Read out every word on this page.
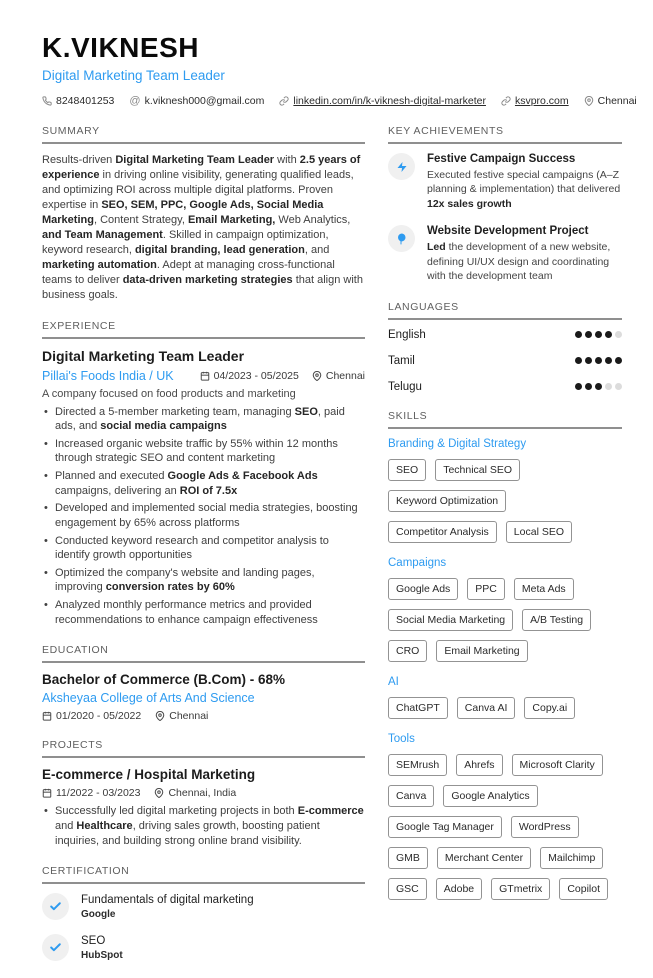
K.VIKNESH
Digital Marketing Team Leader
8248401253 @ k.viknesh000@gmail.com	linkedin.com/in/k-viknesh-digital-marketer	ksvpro.com	Chennai
SUMMARY

Results-driven Digital Marketing Team Leader with 2.5 years of experience in driving online visibility, generating qualified leads, and optimizing ROI across multiple digital platforms. Proven expertise in SEO, SEM, PPC, Google Ads, Social Media Marketing, Content Strategy, Email Marketing, Web Analytics, and Team Management. Skilled in campaign optimization, keyword research, digital branding, lead generation, and marketing automation. Adept at managing cross-functional teams to deliver data-driven marketing strategies that align with business goals.

EXPERIENCE
Digital Marketing Team Leader
Pillai's Foods India / UK	04/2023 - 05/2025	Chennai
A company focused on food products and marketing
• Directed a 5-member marketing team, managing SEO, paid ads, and social media campaigns
• Increased organic website traffic by 55% within 12 months through strategic SEO and content marketing
• Planned and executed Google Ads & Facebook Ads campaigns, delivering an ROI of 7.5x
• Developed and implemented social media strategies, boosting engagement by 65% across platforms
• Conducted keyword research and competitor analysis to identify growth opportunities
• Optimized the company's website and landing pages, improving conversion rates by 60%
• Analyzed monthly performance metrics and provided recommendations to enhance campaign effectiveness
EDUCATION
Bachelor of Commerce (B.Com) - 68%
Aksheyaa College of Arts And Science
01/2020 - 05/2022	Chennai
PROJECTS
E-commerce / Hospital Marketing
11/2022 - 03/2023	Chennai, India
• Successfully led digital marketing projects in both E-commerce and Healthcare, driving sales growth, boosting patient inquiries, and building strong online brand visibility.
CERTIFICATION
Fundamentals of digital marketing
Google
SEO
HubSpot
KEY ACHIEVEMENTS
Festive Campaign Success
Executed festive special campaigns (A–Z planning & implementation) that delivered 12x sales growth
Website Development Project
Led the development of a new website, defining UI/UX design and coordinating with the development team
LANGUAGES
English
Tamil
Telugu
SKILLS
Branding & Digital Strategy
SEO	Technical SEO
Keyword Optimization
Competitor Analysis	Local SEO
Campaigns
Google Ads	PPC	Meta Ads
Social Media Marketing	A/B Testing
CRO	Email Marketing
AI
ChatGPT	Canva AI	Copy.ai
Tools
SEMrush	Ahrefs	Microsoft Clarity
Canva	Google Analytics
Google Tag Manager	WordPress
GMB	Merchant Center	Mailchimp
GSC	Adobe	GTmetrix	Copilot
